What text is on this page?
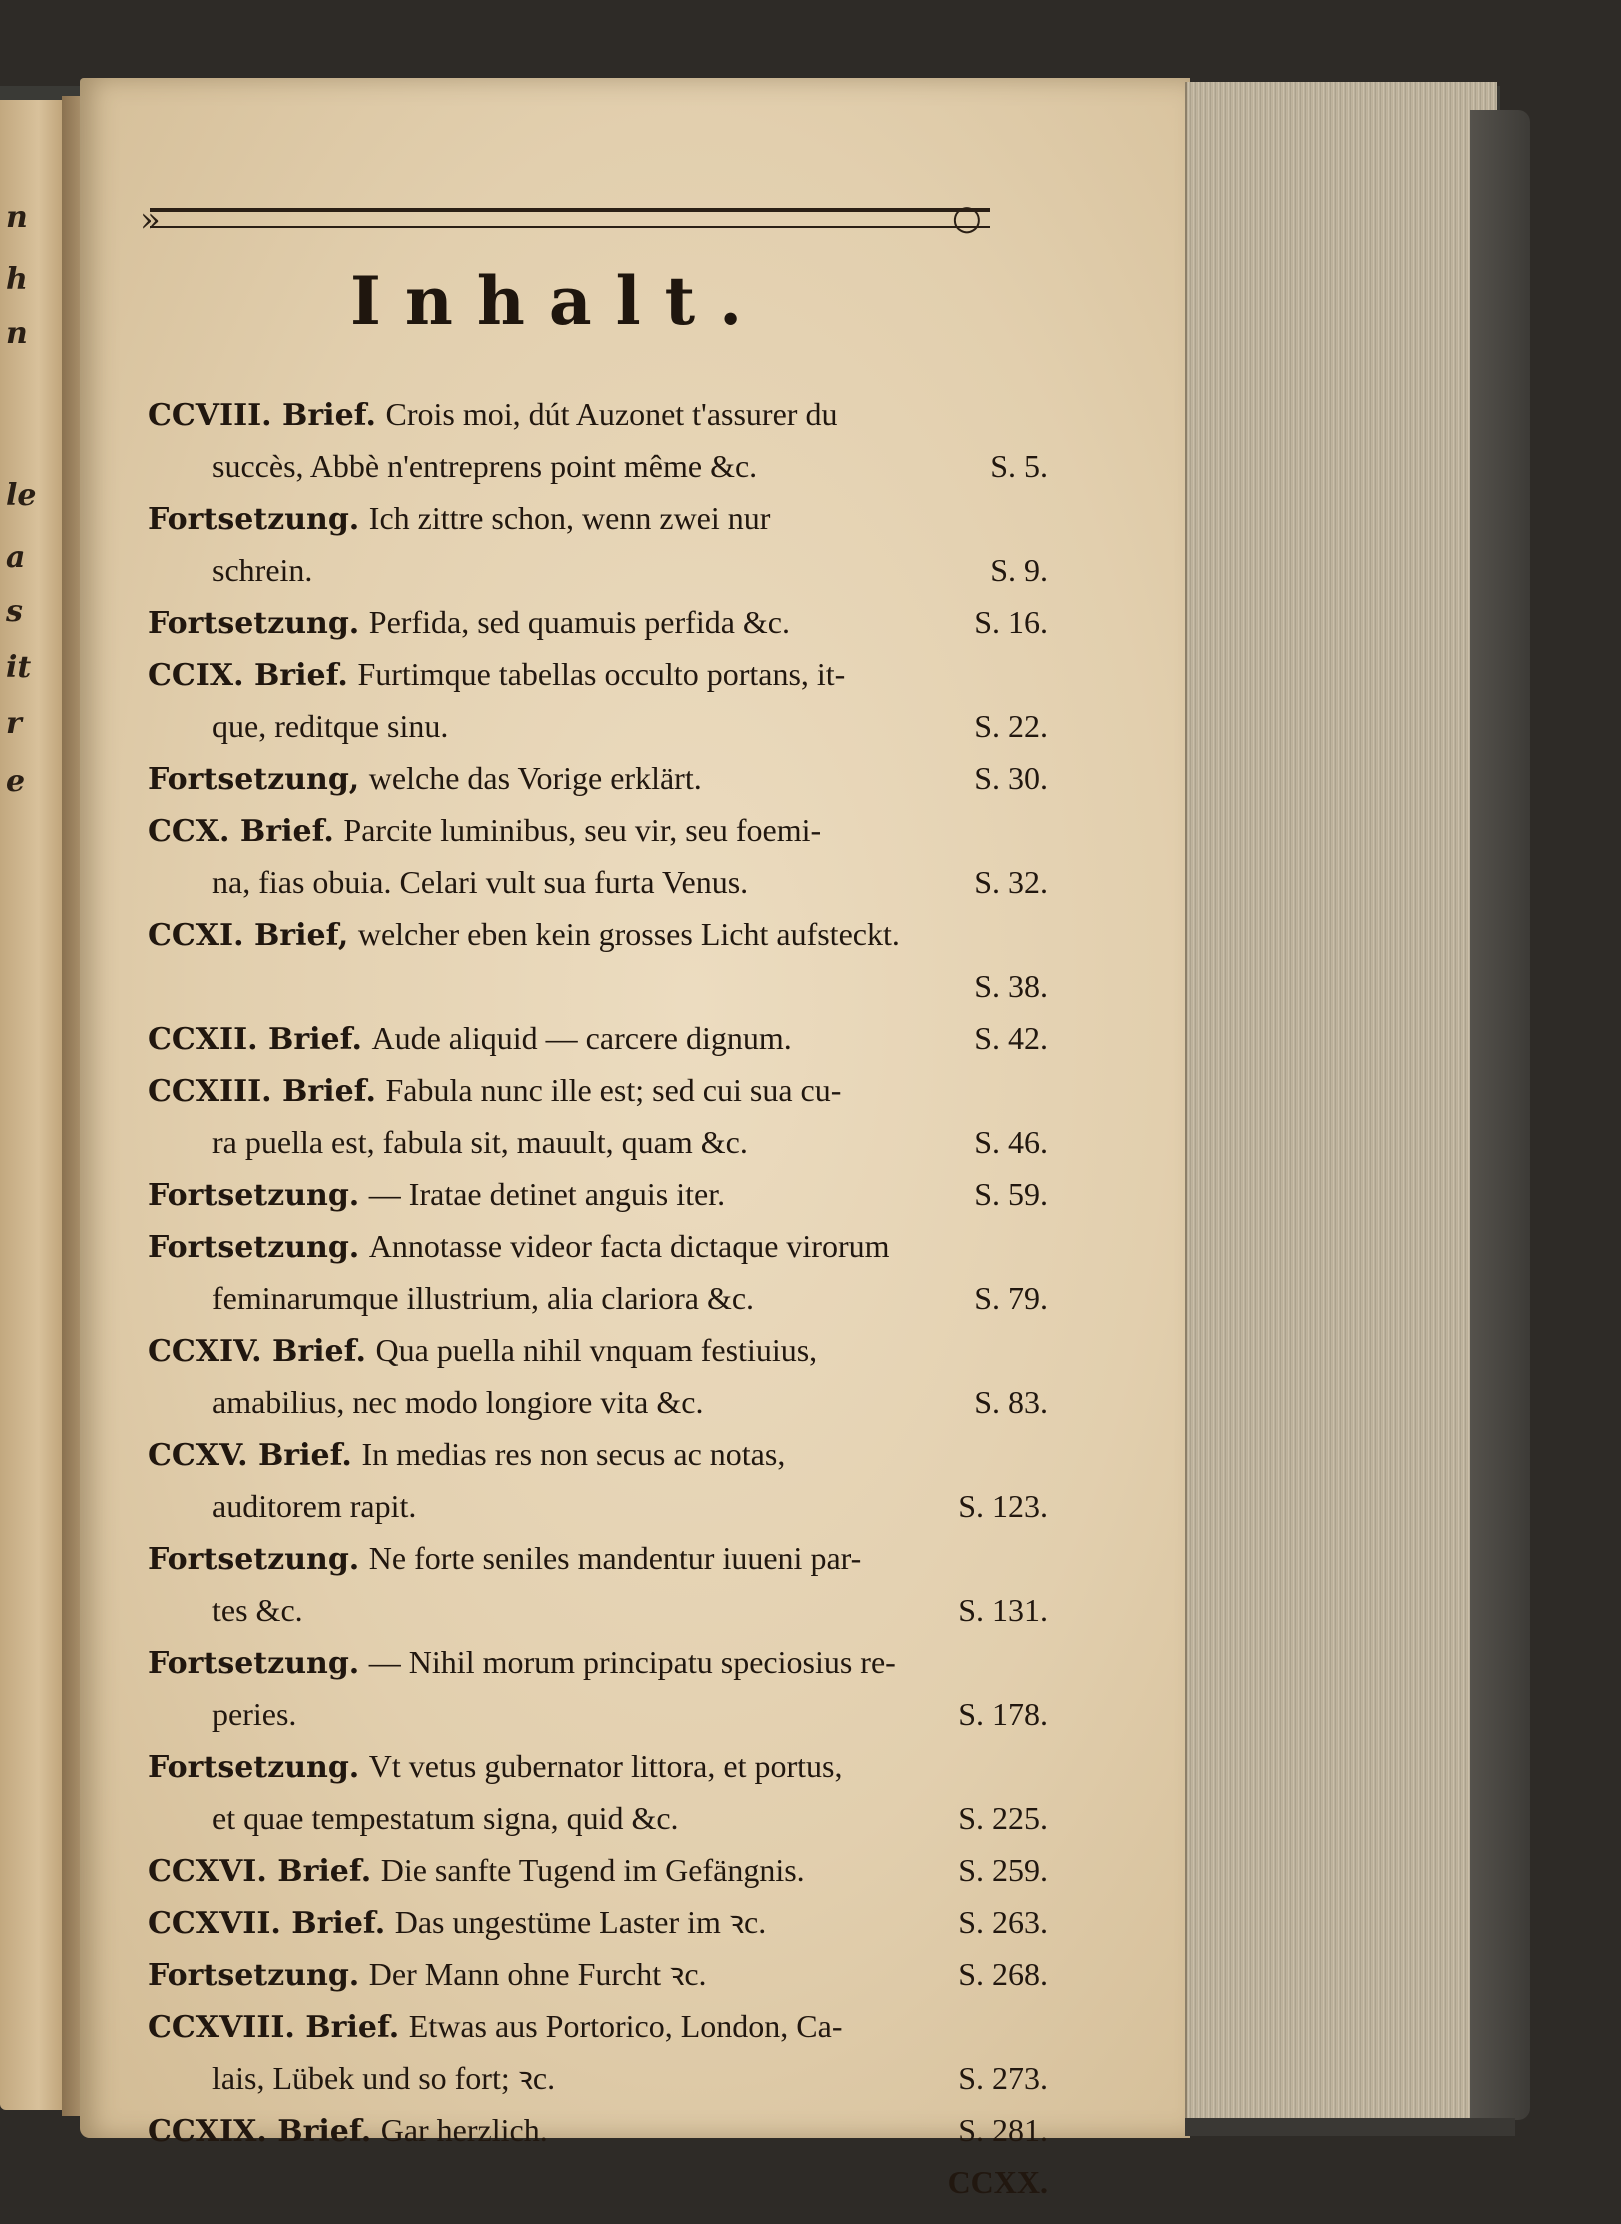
n
h
n
le
a
s
it
r
e
»	○
Inhalt.
CCVIII. Brief. Crois moi, dút Auzonet t'assurer du
succès, Abbè n'entreprens point même &c.	S. 5.
Fortsetzung. Ich zittre schon, wenn zwei nur
schrein.	S. 9.
Fortsetzung. Perfida, sed quamuis perfida &c.	S. 16.
CCIX. Brief. Furtimque tabellas occulto portans, it-
que, reditque sinu.	S. 22.
Fortsetzung, welche das Vorige erklärt.	S. 30.
CCX. Brief. Parcite luminibus, seu vir, seu foemi-
na, fias obuia. Celari vult sua furta Venus.	S. 32.
CCXI. Brief, welcher eben kein grosses Licht aufsteckt.
S. 38.
CCXII. Brief. Aude aliquid — carcere dignum.	S. 42.
CCXIII. Brief. Fabula nunc ille est; sed cui sua cu-
ra puella est, fabula sit, mauult, quam &c.	S. 46.
Fortsetzung. — Iratae detinet anguis iter.	S. 59.
Fortsetzung. Annotasse videor facta dictaque virorum
feminarumque illustrium, alia clariora &c.	S. 79.
CCXIV. Brief. Qua puella nihil vnquam festiuius,
amabilius, nec modo longiore vita &c.	S. 83.
CCXV. Brief. In medias res non secus ac notas,
auditorem rapit.	S. 123.
Fortsetzung. Ne forte seniles mandentur iuueni par-
tes &c.	S. 131.
Fortsetzung. — Nihil morum principatu speciosius re-
peries.	S. 178.
Fortsetzung. Vt vetus gubernator littora, et portus,
et quae tempestatum signa, quid &c.	S. 225.
CCXVI. Brief. Die sanfte Tugend im Gefängnis.	S. 259.
CCXVII. Brief. Das ungestüme Laster im ꝛc.	S. 263.
Fortsetzung. Der Mann ohne Furcht ꝛc.	S. 268.
CCXVIII. Brief. Etwas aus Portorico, London, Ca-
lais, Lübek und so fort; ꝛc.	S. 273.
CCXIX. Brief. Gar herzlich.	S. 281.
CCXX.
